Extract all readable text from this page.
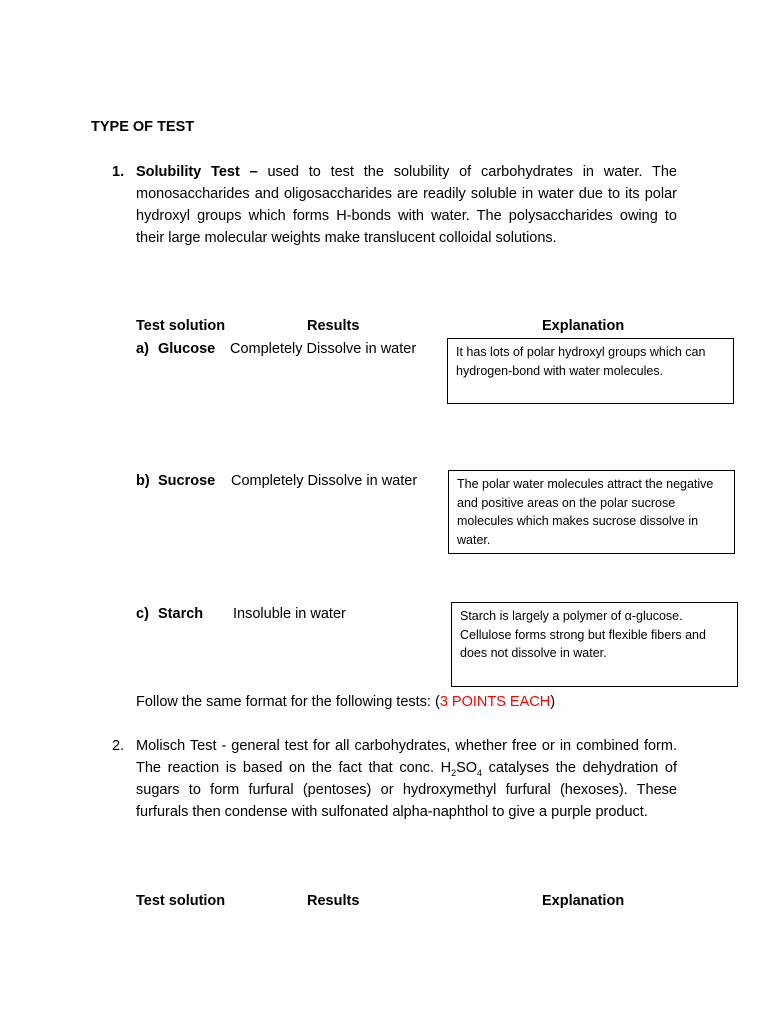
TYPE OF TEST
1. Solubility Test – used to test the solubility of carbohydrates in water. The monosaccharides and oligosaccharides are readily soluble in water due to its polar hydroxyl groups which forms H-bonds with water. The polysaccharides owing to their large molecular weights make translucent colloidal solutions.
Test solution	Results	Explanation
a) Glucose Completely Dissolve in water	It has lots of polar hydroxyl groups which can hydrogen-bond with water molecules.
b) Sucrose Completely Dissolve in water	The polar water molecules attract the negative and positive areas on the polar sucrose molecules which makes sucrose dissolve in water.
c) Starch Insoluble in water	Starch is largely a polymer of α-glucose. Cellulose forms strong but flexible fibers and does not dissolve in water.
Follow the same format for the following tests: (3 POINTS EACH)
2. Molisch Test - general test for all carbohydrates, whether free or in combined form. The reaction is based on the fact that conc. $H_2SO_4$ catalyses the dehydration of sugars to form furfural (pentoses) or hydroxymethyl furfural (hexoses). These furfurals then condense with sulfonated alpha-naphthol to give a purple product.
Test solution	Results	Explanation
